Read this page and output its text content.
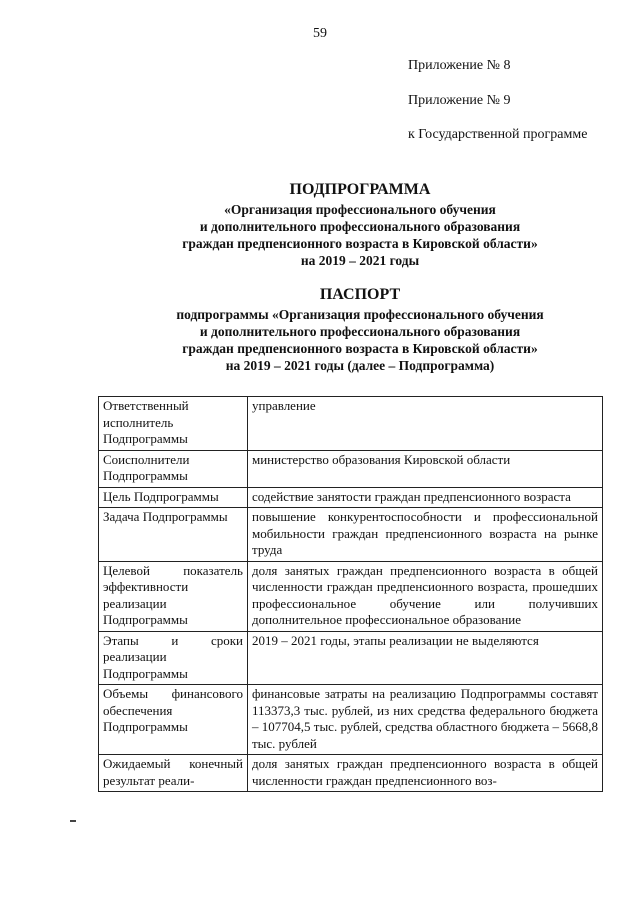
59
Приложение № 8
Приложение № 9
к Государственной программе
ПОДПРОГРАММА
«Организация профессионального обучения
и дополнительного профессионального образования
граждан предпенсионного возраста в Кировской области»
на 2019 – 2021 годы
ПАСПОРТ
подпрограммы «Организация профессионального обучения
и дополнительного профессионального образования
граждан предпенсионного возраста в Кировской области»
на 2019 – 2021 годы (далее – Подпрограмма)
Ответственный исполнитель Подпрограммы	управление
Соисполнители Подпрограммы	министерство образования Кировской области
Цель Подпрограммы	содействие занятости граждан предпенсионного возраста
Задача Подпрограммы	повышение конкурентоспособности и профессиональной мобильности граждан предпенсионного возраста на рынке труда
Целевой показатель эффективности реализации Подпрограммы	доля занятых граждан предпенсионного возраста в общей численности граждан предпенсионного возраста, прошедших профессиональное обучение или получивших дополнительное профессиональное образование
Этапы и сроки реализации Подпрограммы	2019 – 2021 годы, этапы реализации не выделяются
Объемы финансового обеспечения Подпрограммы	финансовые затраты на реализацию Подпрограммы составят 113373,3 тыс. рублей, из них средства федерального бюджета – 107704,5 тыс. рублей, средства областного бюджета – 5668,8 тыс. рублей
Ожидаемый конечный результат реали-	доля занятых граждан предпенсионного возраста в общей численности граждан предпенсионного воз-
